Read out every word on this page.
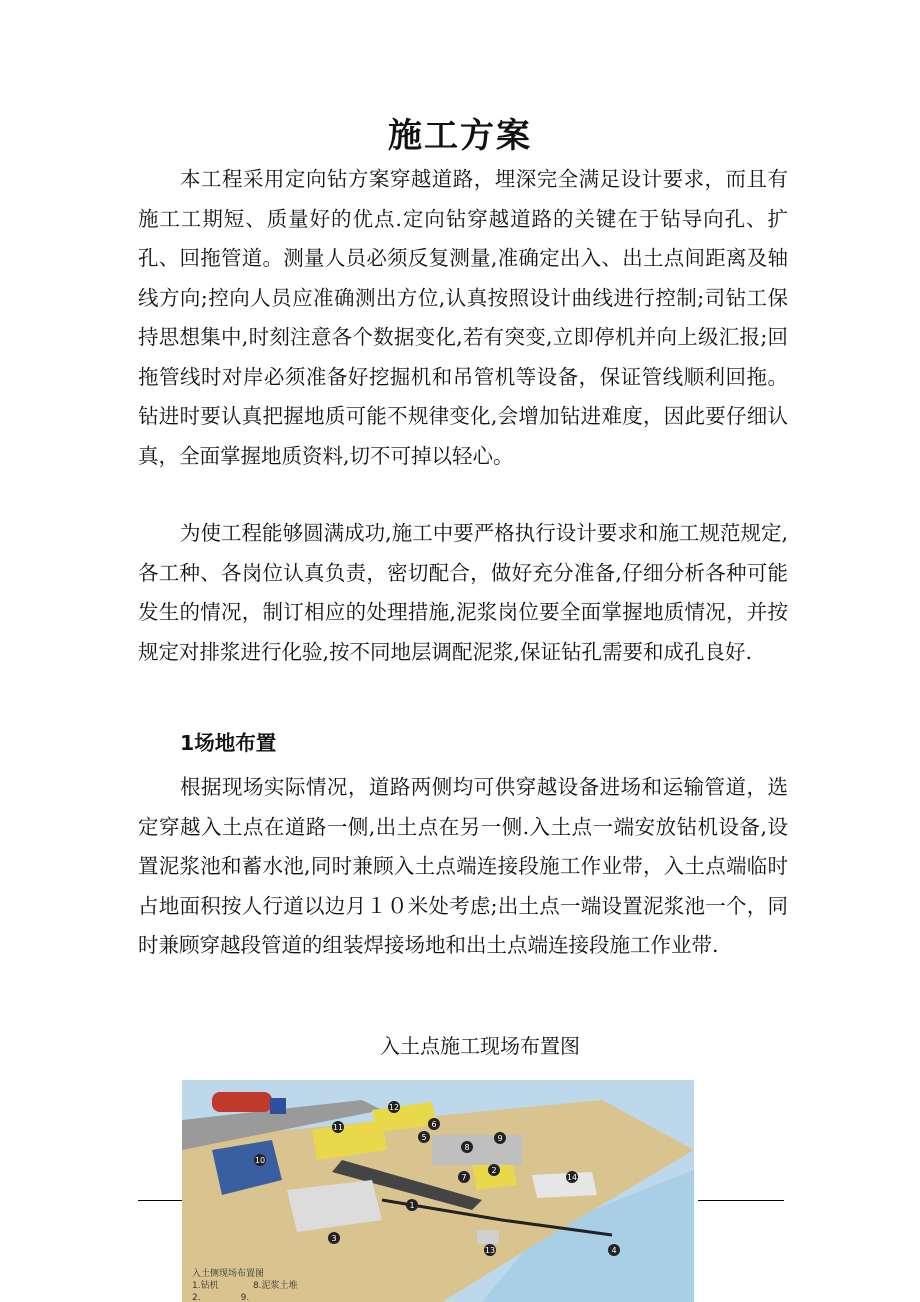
施工方案

本工程采用定向钻方案穿越道路，埋深完全满足设计要求，而且有施工工期短、质量好的优点.定向钻穿越道路的关键在于钻导向孔、扩孔、回拖管道。测量人员必须反复测量,准确定出入、出土点间距离及轴线方向;控向人员应准确测出方位,认真按照设计曲线进行控制;司钻工保持思想集中,时刻注意各个数据变化,若有突变,立即停机并向上级汇报;回拖管线时对岸必须准备好挖掘机和吊管机等设备，保证管线顺利回拖。钻进时要认真把握地质可能不规律变化,会增加钻进难度，因此要仔细认真，全面掌握地质资料,切不可掉以轻心。

为使工程能够圆满成功,施工中要严格执行设计要求和施工规范规定,各工种、各岗位认真负责，密切配合，做好充分准备,仔细分析各种可能发生的情况，制订相应的处理措施,泥浆岗位要全面掌握地质情况，并按规定对排浆进行化验,按不同地层调配泥浆,保证钻孔需要和成孔良好.

1场地布置

根据现场实际情况，道路两侧均可供穿越设备进场和运输管道，选定穿越入土点在道路一侧,出土点在另一侧.入土点一端安放钻机设备,设置泥浆池和蓄水池,同时兼顾入土点端连接段施工作业带，入土点端临时占地面积按人行道以边月１０米处考虑;出土点一端设置泥浆池一个，同时兼顾穿越段管道的组装焊接场地和出土点端连接段施工作业带.

入土点施工现场布置图
1
2
3
4
5
6
7
8
9
10
11
12
13
14
入土侧现场布置图
1.钻机	8.泥浆土堆
2.	9.
